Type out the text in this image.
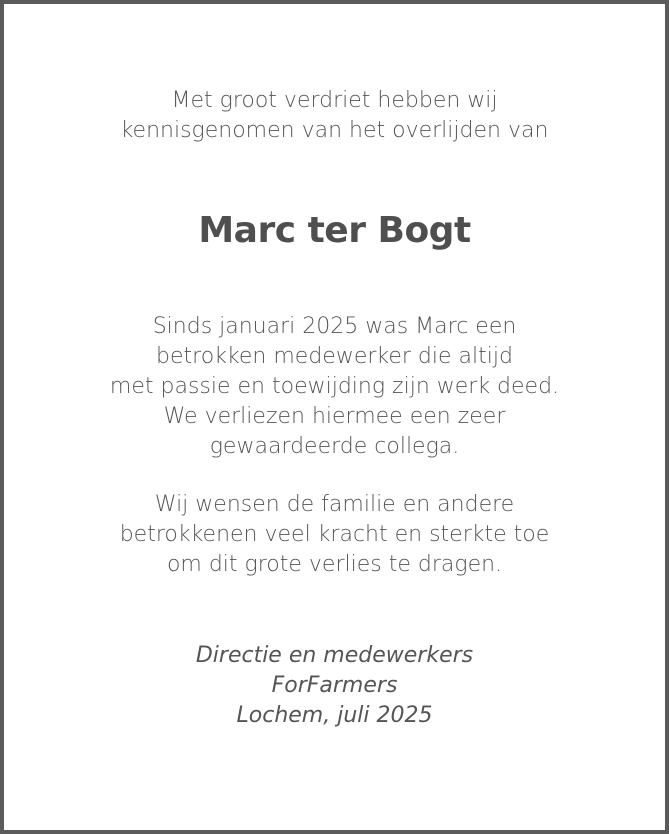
Met groot verdriet hebben wij
kennisgenomen van het overlijden van
Marc ter Bogt
Sinds januari 2025 was Marc een
betrokken medewerker die altijd
met passie en toewijding zijn werk deed.
We verliezen hiermee een zeer
gewaardeerde collega.
Wij wensen de familie en andere
betrokkenen veel kracht en sterkte toe
om dit grote verlies te dragen.
Directie en medewerkers
ForFarmers
Lochem, juli 2025
